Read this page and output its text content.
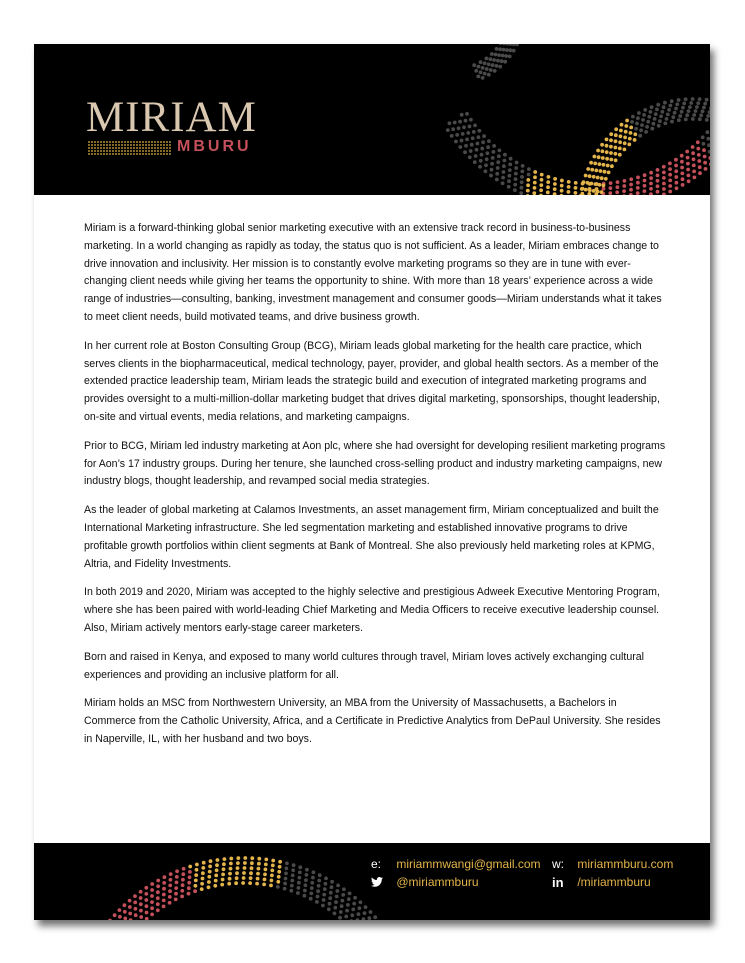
MIRIAM
MBURU

Miriam is a forward-thinking global senior marketing executive with an extensive track record in business-to-business marketing. In a world changing as rapidly as today, the status quo is not sufficient. As a leader, Miriam embraces change to drive innovation and inclusivity. Her mission is to constantly evolve marketing programs so they are in tune with ever-changing client needs while giving her teams the opportunity to shine. With more than 18 years’ experience across a wide range of industries—consulting, banking, investment management and consumer goods—Miriam understands what it takes to meet client needs, build motivated teams, and drive business growth.

In her current role at Boston Consulting Group (BCG), Miriam leads global marketing for the health care practice, which serves clients in the biopharmaceutical, medical technology, payer, provider, and global health sectors. As a member of the extended practice leadership team, Miriam leads the strategic build and execution of integrated marketing programs and provides oversight to a multi-million-dollar marketing budget that drives digital marketing, sponsorships, thought leadership, on-site and virtual events, media relations, and marketing campaigns.

Prior to BCG, Miriam led industry marketing at Aon plc, where she had oversight for developing resilient marketing programs for Aon’s 17 industry groups. During her tenure, she launched cross-selling product and industry marketing campaigns, new industry blogs, thought leadership, and revamped social media strategies.

As the leader of global marketing at Calamos Investments, an asset management firm, Miriam conceptualized and built the International Marketing infrastructure. She led segmentation marketing and established innovative programs to drive profitable growth portfolios within client segments at Bank of Montreal. She also previously held marketing roles at KPMG, Altria, and Fidelity Investments.

In both 2019 and 2020, Miriam was accepted to the highly selective and prestigious Adweek Executive Mentoring Program, where she has been paired with world-leading Chief Marketing and Media Officers to receive executive leadership counsel. Also, Miriam actively mentors early-stage career marketers.

Born and raised in Kenya, and exposed to many world cultures through travel, Miriam loves actively exchanging cultural experiences and providing an inclusive platform for all.

Miriam holds an MSC from Northwestern University, an MBA from the University of Massachusetts, a Bachelors in Commerce from the Catholic University, Africa, and a Certificate in Predictive Analytics from DePaul University. She resides in Naperville, IL, with her husband and two boys.

e: miriammwangi@gmail.com w: miriammburu.com
@miriammburu	in /miriammburu
